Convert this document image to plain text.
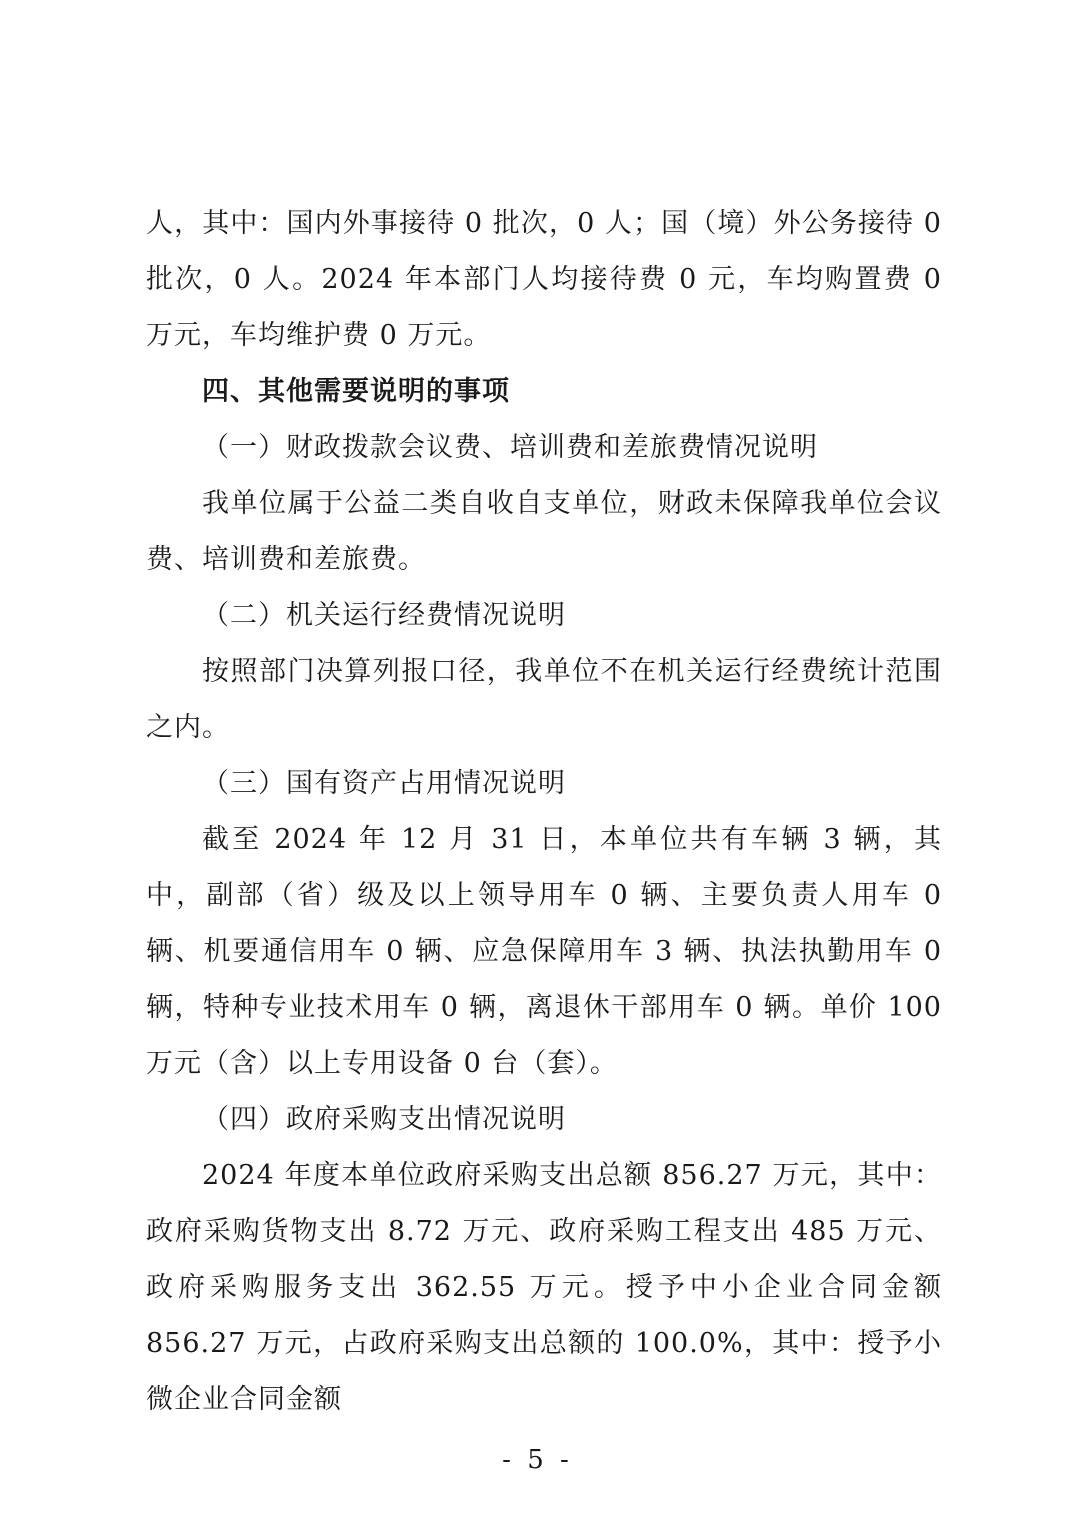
人，其中：国内外事接待 0 批次，0 人；国（境）外公务接待 0 批次，0 人。2024 年本部门人均接待费 0 元，车均购置费 0 万元，车均维护费 0 万元。

四、其他需要说明的事项

（一）财政拨款会议费、培训费和差旅费情况说明

我单位属于公益二类自收自支单位，财政未保障我单位会议费、培训费和差旅费。

（二）机关运行经费情况说明

按照部门决算列报口径，我单位不在机关运行经费统计范围之内。

（三）国有资产占用情况说明

截至 2024 年 12 月 31 日，本单位共有车辆 3 辆，其中，副部（省）级及以上领导用车 0 辆、主要负责人用车 0 辆、机要通信用车 0 辆、应急保障用车 3 辆、执法执勤用车 0 辆，特种专业技术用车 0 辆，离退休干部用车 0 辆。单价 100 万元（含）以上专用设备 0 台（套）。

（四）政府采购支出情况说明

2024 年度本单位政府采购支出总额 856.27 万元，其中：政府采购货物支出 8.72 万元、政府采购工程支出 485 万元、政府采购服务支出 362.55 万元。授予中小企业合同金额 856.27 万元，占政府采购支出总额的 100.0%，其中：授予小微企业合同金额

- 5 -
